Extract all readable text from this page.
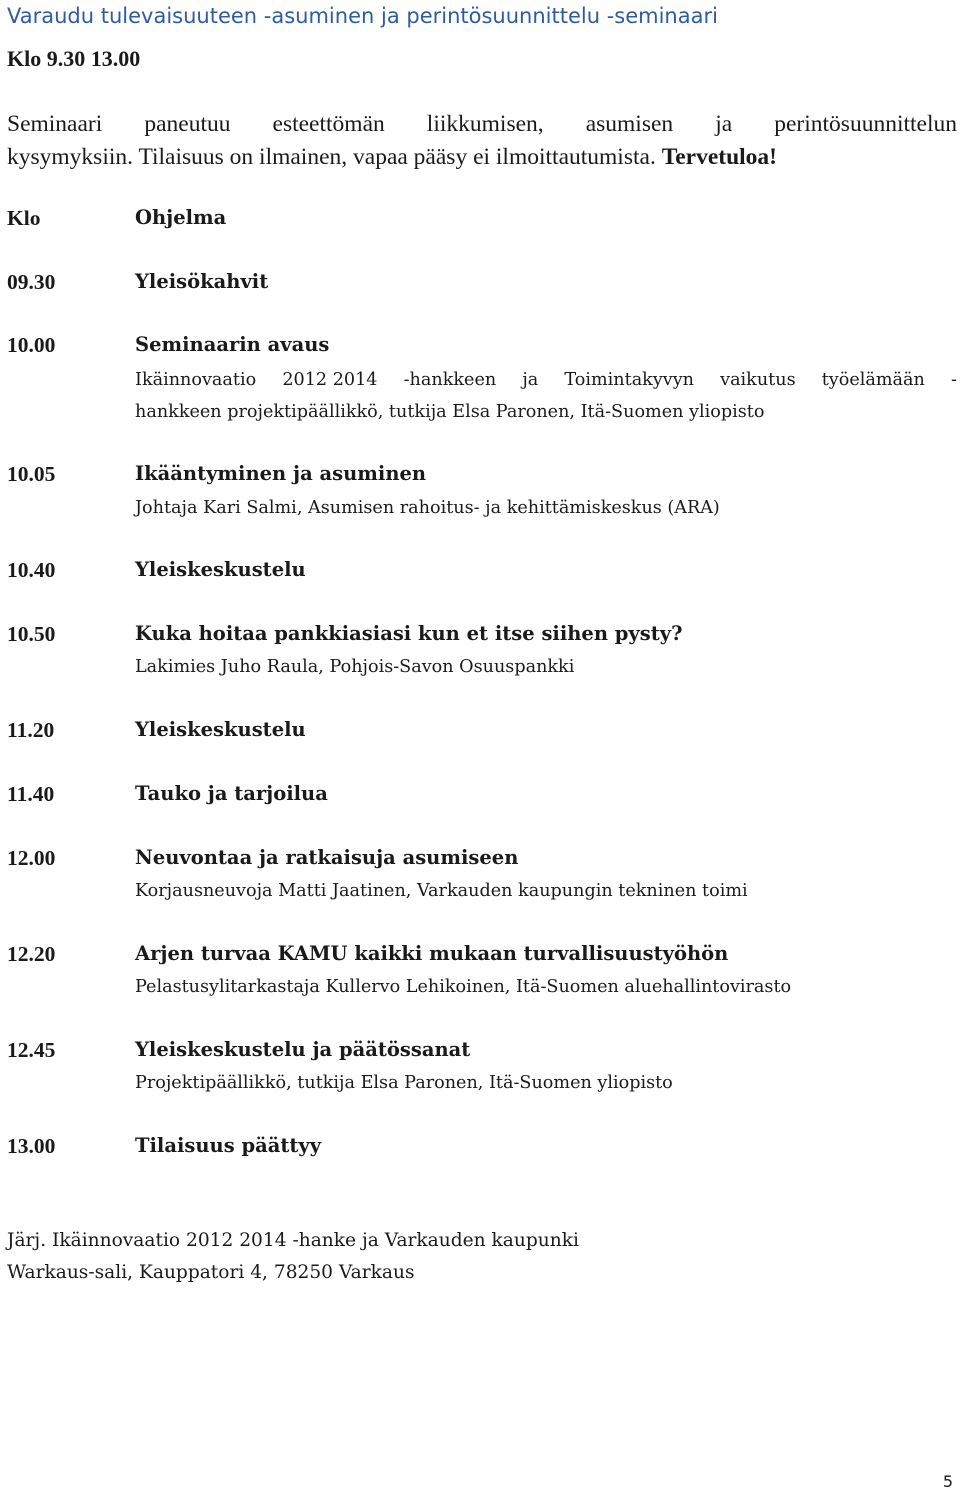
Varaudu tulevaisuuteen -asuminen ja perintösuunnittelu -seminaari
Klo 9.30 13.00
Seminaari paneutuu esteettömän liikkumisen, asumisen ja perintösuunnittelun
kysymyksiin. Tilaisuus on ilmainen, vapaa pääsy ei ilmoittautumista. Tervetuloa!
Klo	Ohjelma
09.30	Yleisökahvit
10.00	Seminaarin avaus
Ikäinnovaatio 2012 2014 -hankkeen ja Toimintakyvyn vaikutus työelämään -
hankkeen projektipäällikkö, tutkija Elsa Paronen, Itä-Suomen yliopisto
10.05	Ikääntyminen ja asuminen
Johtaja Kari Salmi, Asumisen rahoitus- ja kehittämiskeskus (ARA)
10.40	Yleiskeskustelu
10.50	Kuka hoitaa pankkiasiasi kun et itse siihen pysty?
Lakimies Juho Raula, Pohjois-Savon Osuuspankki
11.20	Yleiskeskustelu
11.40	Tauko ja tarjoilua
12.00	Neuvontaa ja ratkaisuja asumiseen
Korjausneuvoja Matti Jaatinen, Varkauden kaupungin tekninen toimi
12.20	Arjen turvaa KAMU kaikki mukaan turvallisuustyöhön
Pelastusylitarkastaja Kullervo Lehikoinen, Itä-Suomen aluehallintovirasto
12.45	Yleiskeskustelu ja päätössanat
Projektipäällikkö, tutkija Elsa Paronen, Itä-Suomen yliopisto
13.00	Tilaisuus päättyy
Järj. Ikäinnovaatio 2012 2014 -hanke ja Varkauden kaupunki
Warkaus-sali, Kauppatori 4, 78250 Varkaus
5
